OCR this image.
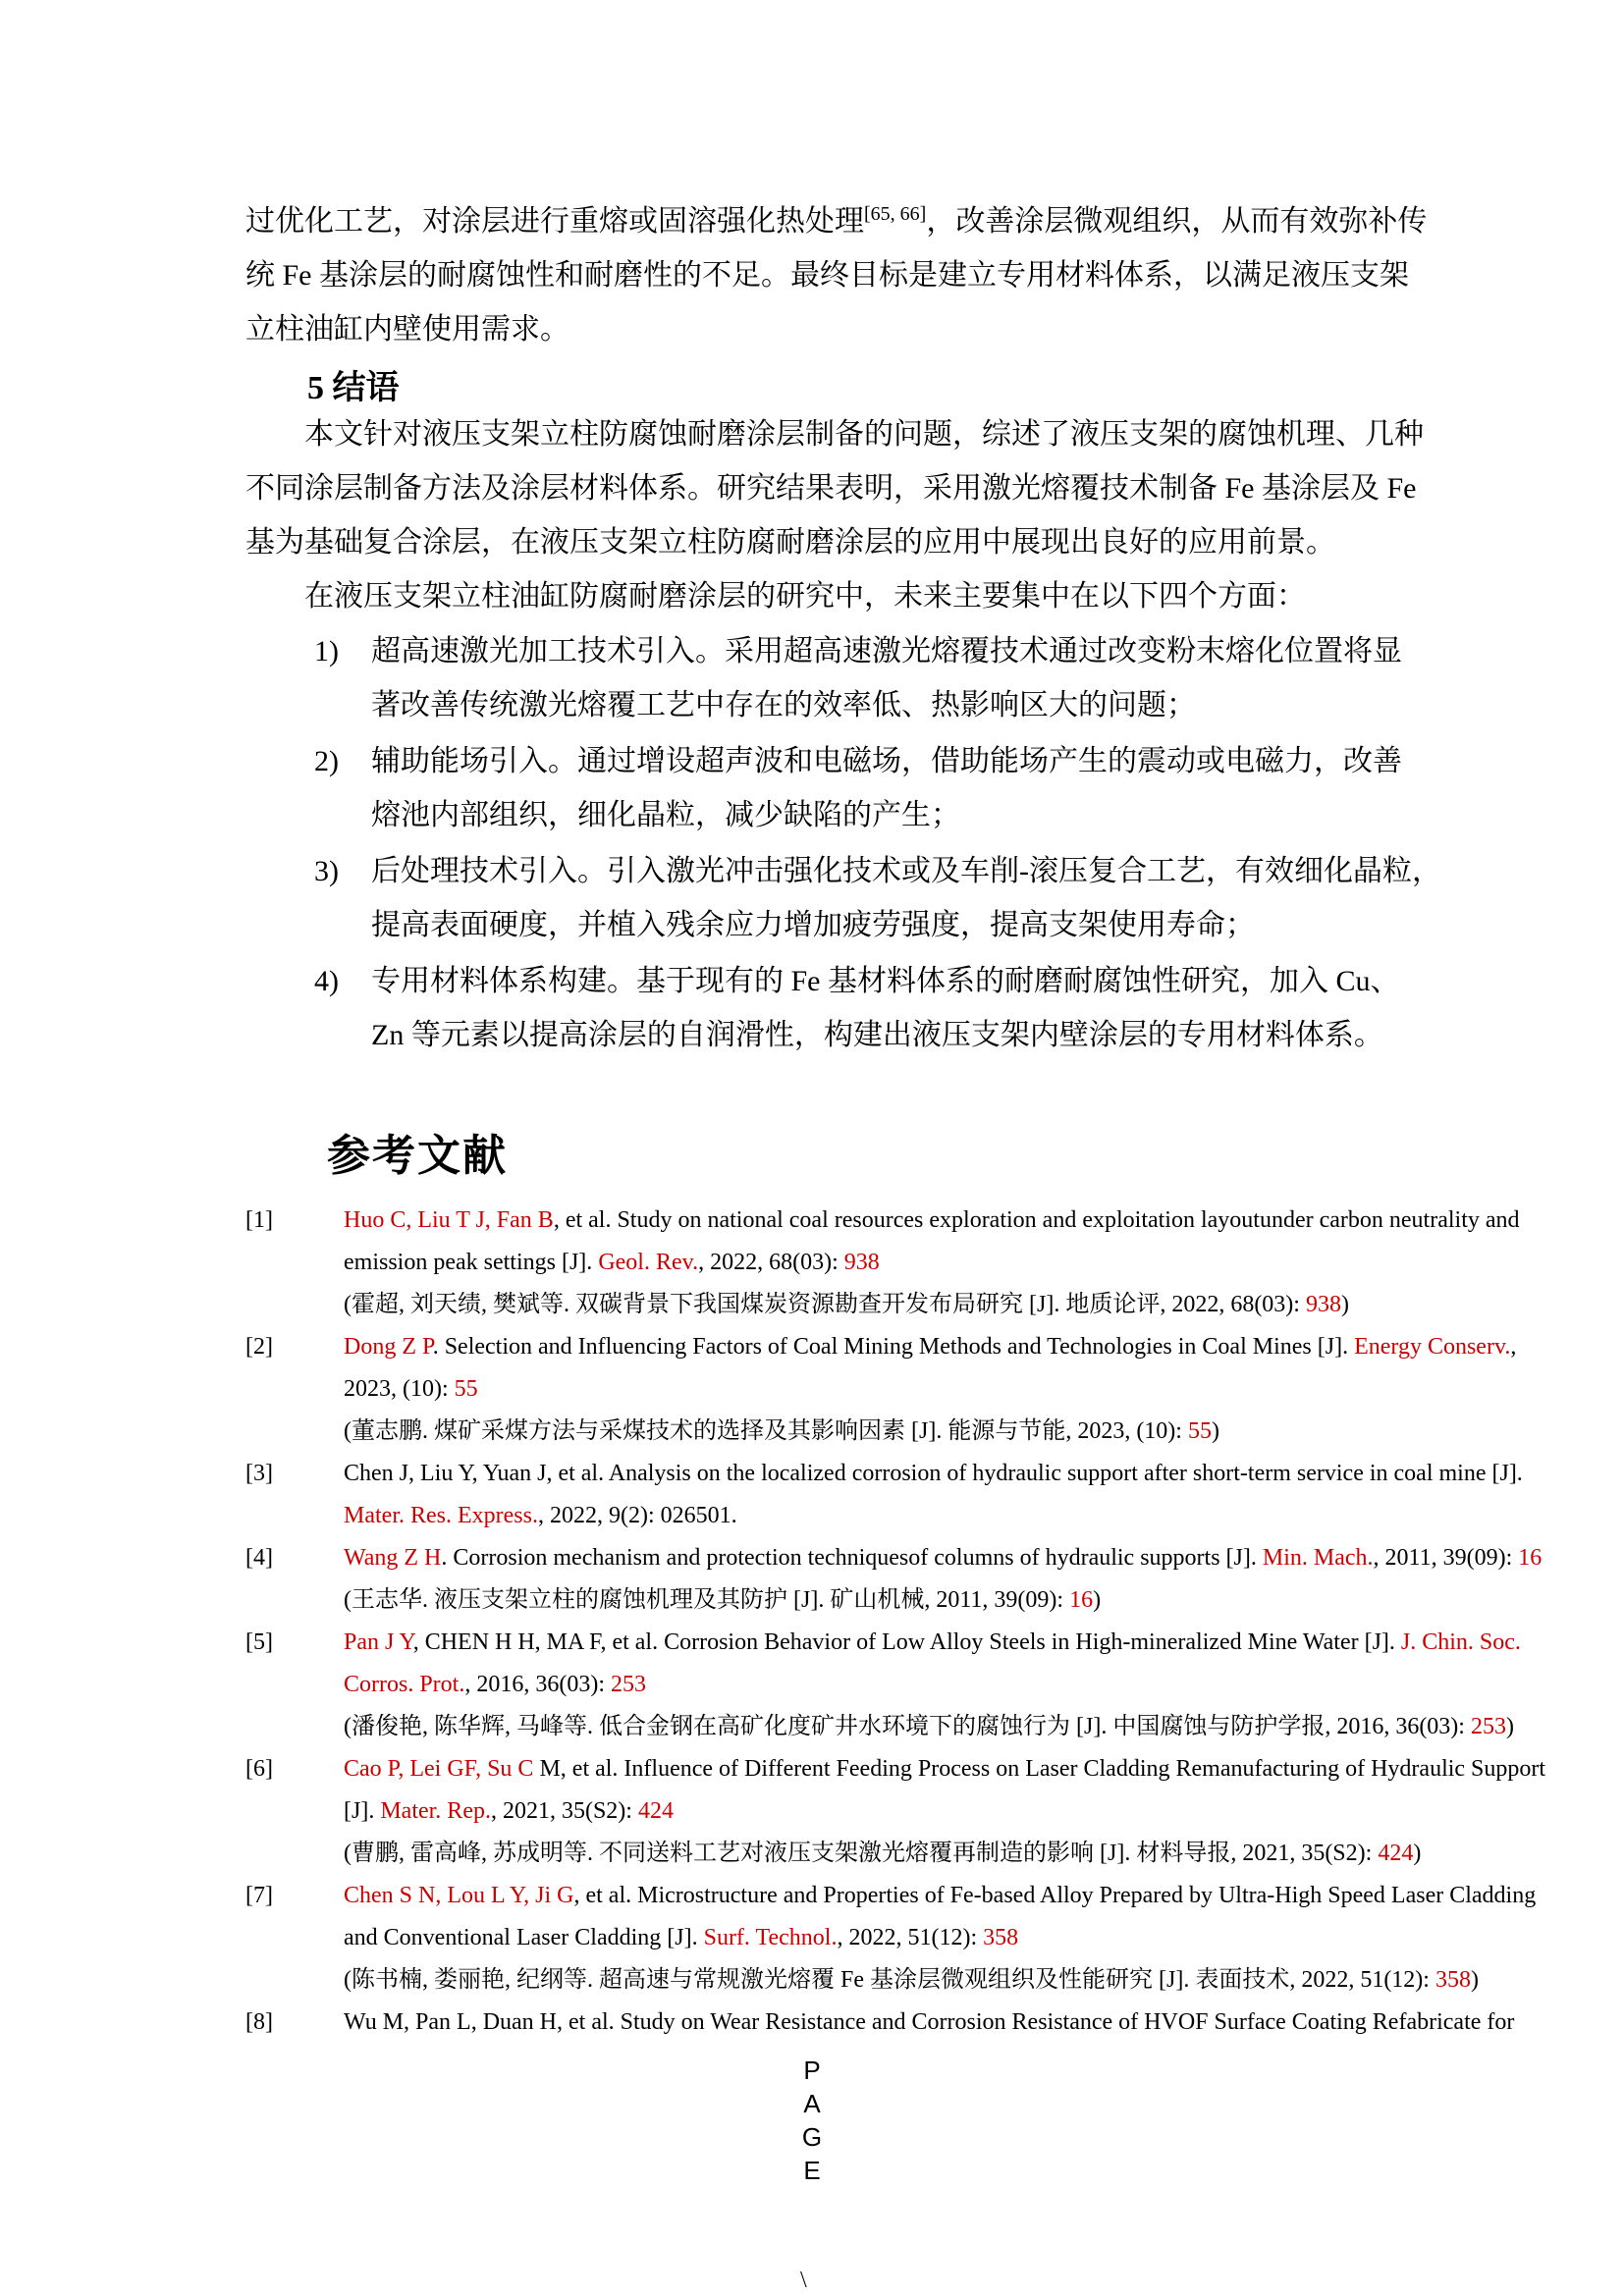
过优化工艺，对涂层进行重熔或固溶强化热处理[65, 66]，改善涂层微观组织，从而有效弥补传
统 Fe 基涂层的耐腐蚀性和耐磨性的不足。最终目标是建立专用材料体系，以满足液压支架
立柱油缸内壁使用需求。
5 结语
本文针对液压支架立柱防腐蚀耐磨涂层制备的问题，综述了液压支架的腐蚀机理、几种
不同涂层制备方法及涂层材料体系。研究结果表明，采用激光熔覆技术制备 Fe 基涂层及 Fe
基为基础复合涂层，在液压支架立柱防腐耐磨涂层的应用中展现出良好的应用前景。
在液压支架立柱油缸防腐耐磨涂层的研究中，未来主要集中在以下四个方面：
1) 超高速激光加工技术引入。采用超高速激光熔覆技术通过改变粉末熔化位置将显
著改善传统激光熔覆工艺中存在的效率低、热影响区大的问题；
2) 辅助能场引入。通过增设超声波和电磁场，借助能场产生的震动或电磁力，改善
熔池内部组织，细化晶粒，减少缺陷的产生；
3) 后处理技术引入。引入激光冲击强化技术或及车削-滚压复合工艺，有效细化晶粒，
提高表面硬度，并植入残余应力增加疲劳强度，提高支架使用寿命；
4) 专用材料体系构建。基于现有的 Fe 基材料体系的耐磨耐腐蚀性研究，加入 Cu、
Zn 等元素以提高涂层的自润滑性，构建出液压支架内壁涂层的专用材料体系。
参考文献
[1]	Huo C, Liu T J, Fan B, et al. Study on national coal resources exploration and exploitation layoutunder carbon neutrality and
emission peak settings [J]. Geol. Rev., 2022, 68(03): 938
(霍超, 刘天绩, 樊斌等. 双碳背景下我国煤炭资源勘查开发布局研究 [J]. 地质论评, 2022, 68(03): 938)
[2]	Dong Z P. Selection and Influencing Factors of Coal Mining Methods and Technologies in Coal Mines [J]. Energy Conserv.,
2023, (10): 55
(董志鹏. 煤矿采煤方法与采煤技术的选择及其影响因素 [J]. 能源与节能, 2023, (10): 55)
[3]	Chen J, Liu Y, Yuan J, et al. Analysis on the localized corrosion of hydraulic support after short-term service in coal mine [J].
Mater. Res. Express., 2022, 9(2): 026501.
[4]	Wang Z H. Corrosion mechanism and protection techniquesof columns of hydraulic supports [J]. Min. Mach., 2011, 39(09): 16
(王志华. 液压支架立柱的腐蚀机理及其防护 [J]. 矿山机械, 2011, 39(09): 16)
[5]	Pan J Y, CHEN H H, MA F, et al. Corrosion Behavior of Low Alloy Steels in High-mineralized Mine Water [J]. J. Chin. Soc.
Corros. Prot., 2016, 36(03): 253
(潘俊艳, 陈华辉, 马峰等. 低合金钢在高矿化度矿井水环境下的腐蚀行为 [J]. 中国腐蚀与防护学报, 2016, 36(03): 253)
[6]	Cao P, Lei GF, Su C M, et al. Influence of Different Feeding Process on Laser Cladding Remanufacturing of Hydraulic Support
[J]. Mater. Rep., 2021, 35(S2): 424
(曹鹏, 雷高峰, 苏成明等. 不同送料工艺对液压支架激光熔覆再制造的影响 [J]. 材料导报, 2021, 35(S2): 424)
[7]	Chen S N, Lou L Y, Ji G, et al. Microstructure and Properties of Fe-based Alloy Prepared by Ultra-High Speed Laser Cladding
and Conventional Laser Cladding [J]. Surf. Technol., 2022, 51(12): 358
(陈书楠, 娄丽艳, 纪纲等. 超高速与常规激光熔覆 Fe 基涂层微观组织及性能研究 [J]. 表面技术, 2022, 51(12): 358)
[8]	Wu M, Pan L, Duan H, et al. Study on Wear Resistance and Corrosion Resistance of HVOF Surface Coating Refabricate for
P
A
G
E
\
